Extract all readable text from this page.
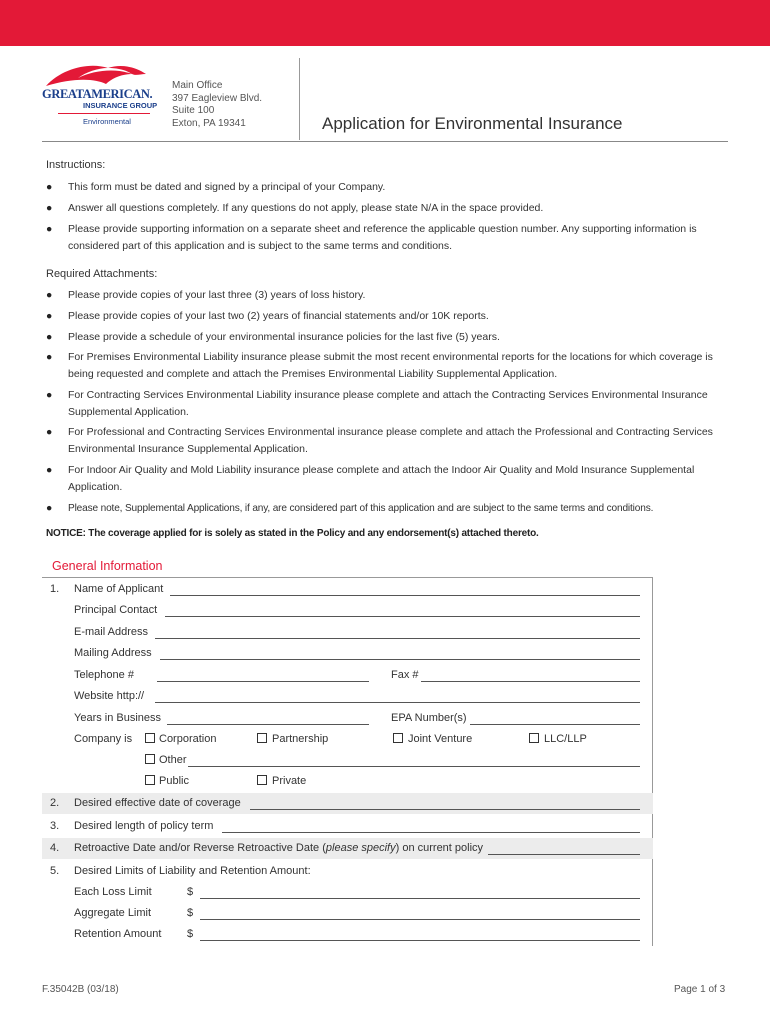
GREATAMERICAN.
INSURANCE GROUP
Environmental
Main Office
397 Eagleview Blvd.
Suite 100
Exton, PA 19341	Application for Environmental Insurance
Instructions:
● This form must be dated and signed by a principal of your Company.
● Answer all questions completely. If any questions do not apply, please state N/A in the space provided.
● Please provide supporting information on a separate sheet and reference the applicable question number. Any supporting information is considered part of this application and is subject to the same terms and conditions.
Required Attachments:
● Please provide copies of your last three (3) years of loss history.
● Please provide copies of your last two (2) years of financial statements and/or 10K reports.
● Please provide a schedule of your environmental insurance policies for the last five (5) years.
● For Premises Environmental Liability insurance please submit the most recent environmental reports for the locations for which coverage is being requested and complete and attach the Premises Environmental Liability Supplemental Application.
● For Contracting Services Environmental Liability insurance please complete and attach the Contracting Services Environmental Insurance Supplemental Application.
● For Professional and Contracting Services Environmental insurance please complete and attach the Professional and Contracting Services Environmental Insurance Supplemental Application.
● For Indoor Air Quality and Mold Liability insurance please complete and attach the Indoor Air Quality and Mold Insurance Supplemental Application.
● Please note, Supplemental Applications, if any, are considered part of this application and are subject to the same terms and conditions.
NOTICE: The coverage applied for is solely as stated in the Policy and any endorsement(s) attached thereto.
General Information
1. Name of Applicant
Principal Contact
E-mail Address
Mailing Address
Telephone #	Fax #
Website http://
Years in Business	EPA Number(s)
Company is Corporation	Partnership	Joint Venture	LLC/LLP
Other
Public	Private
2. Desired effective date of coverage
3. Desired length of policy term
4. Retroactive Date and/or Reverse Retroactive Date (please specify) on current policy
5. Desired Limits of Liability and Retention Amount:
Each Loss Limit	$
Aggregate Limit	$
Retention Amount $
F.35042B (03/18)	Page 1 of 3
